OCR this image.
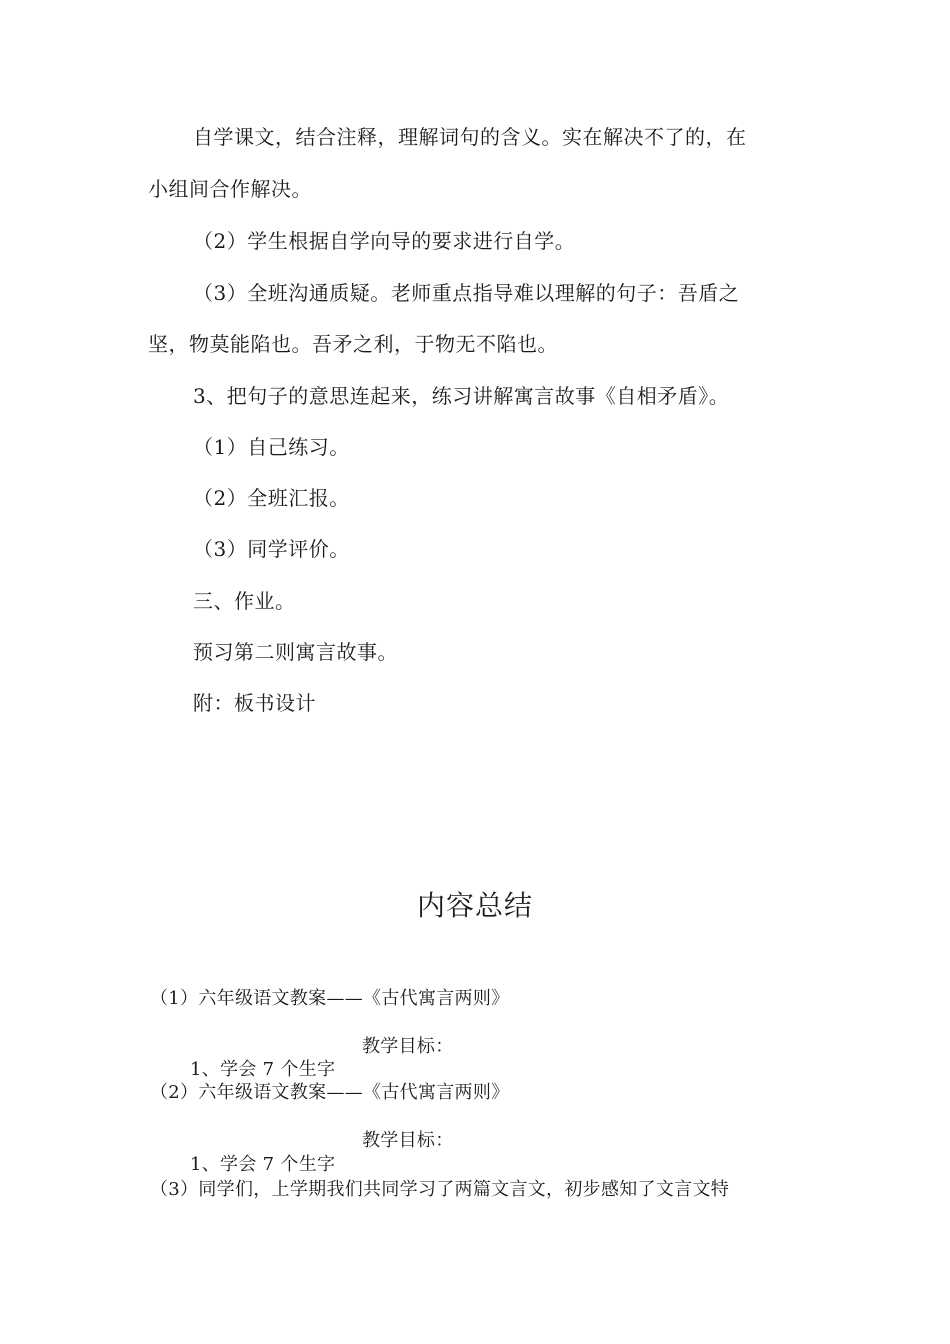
自学课文，结合注释，理解词句的含义。实在解决不了的，在
小组间合作解决。
（2）学生根据自学向导的要求进行自学。
（3）全班沟通质疑。老师重点指导难以理解的句子：吾盾之
坚，物莫能陷也。吾矛之利，于物无不陷也。
3、把句子的意思连起来，练习讲解寓言故事《自相矛盾》。
（1）自己练习。
（2）全班汇报。
（3）同学评价。
三、作业。
预习第二则寓言故事。
附：板书设计
内容总结
（1）六年级语文教案——《古代寓言两则》
教学目标：
1、学会 7 个生字
（2）六年级语文教案——《古代寓言两则》
教学目标：
1、学会 7 个生字
（3）同学们，上学期我们共同学习了两篇文言文，初步感知了文言文特
